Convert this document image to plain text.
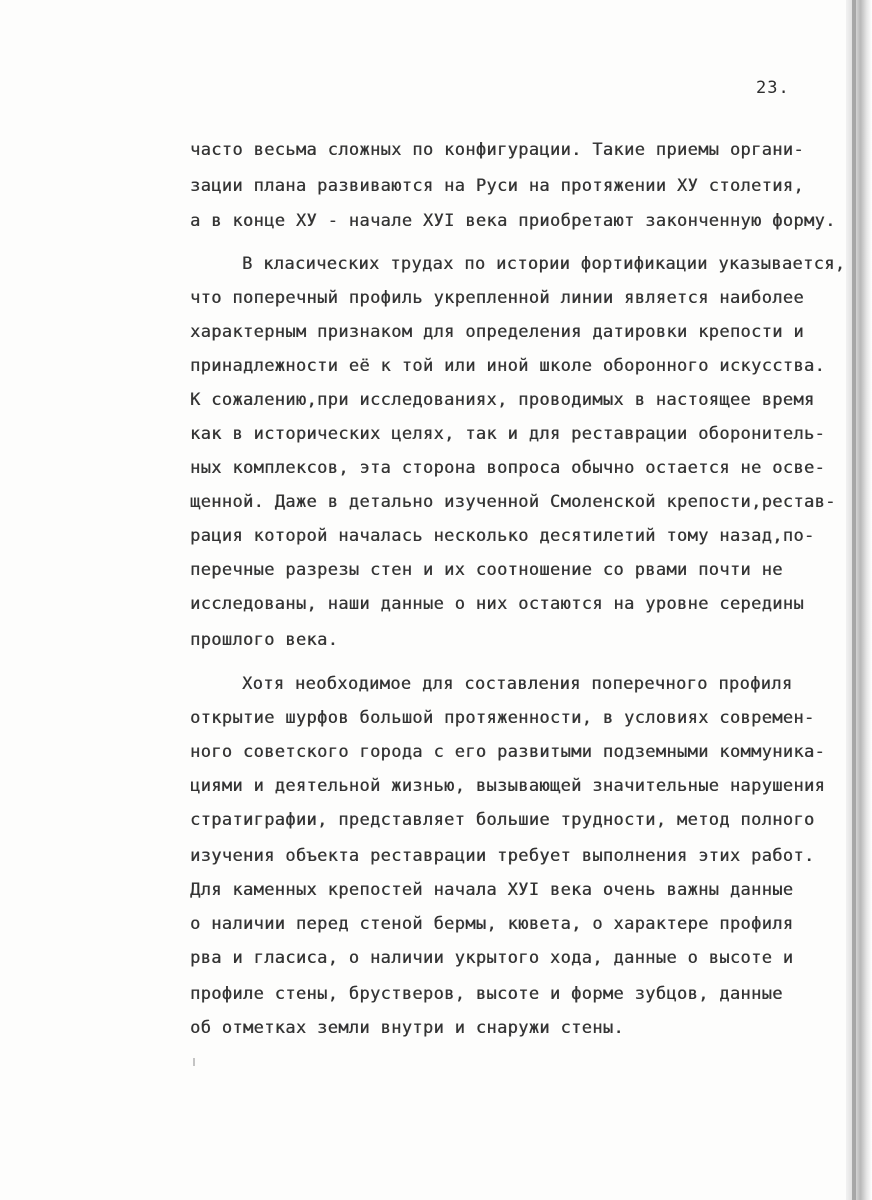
23.
часто весьма сложных по конфигурации. Такие приемы органи-
зации плана развиваются на Руси на протяжении ХУ столетия,
а в конце ХУ - начале ХУI века приобретают законченную форму.
В класических трудах по истории фортификации указывается,
что поперечный профиль укрепленной линии является наиболее
характерным признаком для определения датировки крепости и
принадлежности её к той или иной школе оборонного искусства.
К сожалению,при исследованиях, проводимых в настоящее время
как в исторических целях, так и для реставрации оборонитель-
ных комплексов, эта сторона вопроса обычно остается не осве-
щенной. Даже в детально изученной Смоленской крепости,рестав-
рация которой началась несколько десятилетий тому назад,по-
перечные разрезы стен и их соотношение со рвами почти не
исследованы, наши данные о них остаются на уровне середины
прошлого века.
Хотя необходимое для составления поперечного профиля
открытие шурфов большой протяженности, в условиях современ-
ного советского города с его развитыми подземными коммуника-
циями и деятельной жизнью, вызывающей значительные нарушения
стратиграфии, представляет большие трудности, метод полного
изучения объекта реставрации требует выполнения этих работ.
Для каменных крепостей начала ХУI века очень важны данные
о наличии перед стеной бермы, кювета, о характере профиля
рва и гласиса, о наличии укрытого хода, данные о высоте и
профиле стены, брустверов, высоте и форме зубцов, данные
об отметках земли внутри и снаружи стены.
